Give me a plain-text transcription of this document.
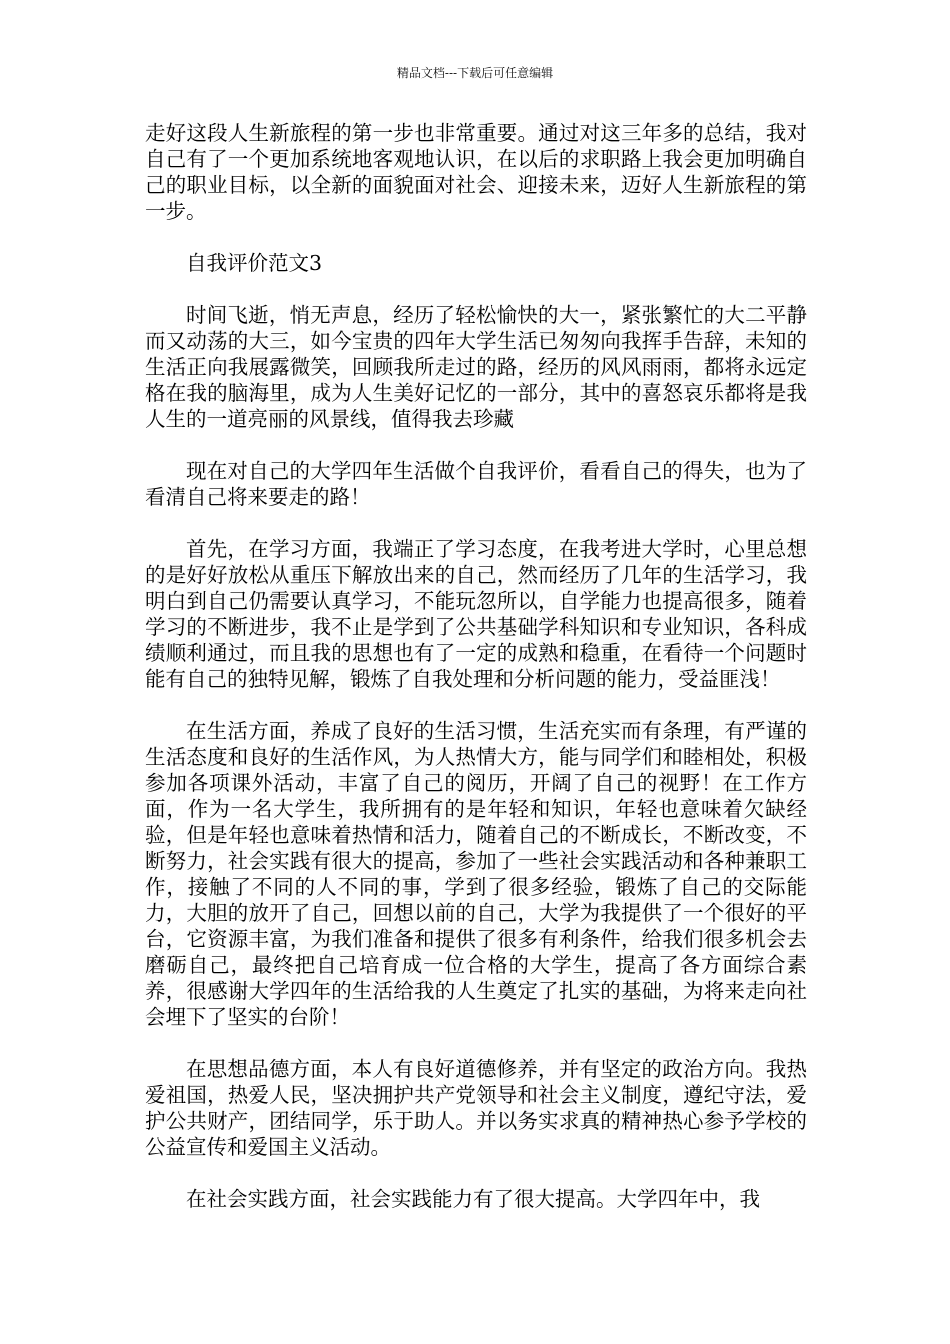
精品文档---下载后可任意编辑

走好这段人生新旅程的第一步也非常重要。通过对这三年多的总结，我对自己有了一个更加系统地客观地认识，在以后的求职路上我会更加明确自己的职业目标，以全新的面貌面对社会、迎接未来，迈好人生新旅程的第一步。

自我评价范文3

时间飞逝，悄无声息，经历了轻松愉快的大一，紧张繁忙的大二平静而又动荡的大三，如今宝贵的四年大学生活已匆匆向我挥手告辞，未知的生活正向我展露微笑，回顾我所走过的路，经历的风风雨雨，都将永远定格在我的脑海里，成为人生美好记忆的一部分，其中的喜怒哀乐都将是我人生的一道亮丽的风景线，值得我去珍藏

现在对自己的大学四年生活做个自我评价，看看自己的得失，也为了看清自己将来要走的路！

首先，在学习方面，我端正了学习态度，在我考进大学时，心里总想的是好好放松从重压下解放出来的自己，然而经历了几年的生活学习，我明白到自己仍需要认真学习，不能玩忽所以，自学能力也提高很多，随着学习的不断进步，我不止是学到了公共基础学科知识和专业知识，各科成绩顺利通过，而且我的思想也有了一定的成熟和稳重，在看待一个问题时能有自己的独特见解，锻炼了自我处理和分析问题的能力，受益匪浅！

在生活方面，养成了良好的生活习惯，生活充实而有条理，有严谨的生活态度和良好的生活作风，为人热情大方，能与同学们和睦相处，积极参加各项课外活动，丰富了自己的阅历，开阔了自己的视野！在工作方面，作为一名大学生，我所拥有的是年轻和知识，年轻也意味着欠缺经验，但是年轻也意味着热情和活力，随着自己的不断成长，不断改变，不断努力，社会实践有很大的提高，参加了一些社会实践活动和各种兼职工作，接触了不同的人不同的事，学到了很多经验，锻炼了自己的交际能力，大胆的放开了自己，回想以前的自己，大学为我提供了一个很好的平台，它资源丰富，为我们准备和提供了很多有利条件，给我们很多机会去磨砺自己，最终把自己培育成一位合格的大学生，提高了各方面综合素养，很感谢大学四年的生活给我的人生奠定了扎实的基础，为将来走向社会埋下了坚实的台阶！

在思想品德方面，本人有良好道德修养，并有坚定的政治方向。我热爱祖国，热爱人民，坚决拥护共产党领导和社会主义制度，遵纪守法，爱护公共财产，团结同学，乐于助人。并以务实求真的精神热心参予学校的公益宣传和爱国主义活动。

在社会实践方面，社会实践能力有了很大提高。大学四年中，我
